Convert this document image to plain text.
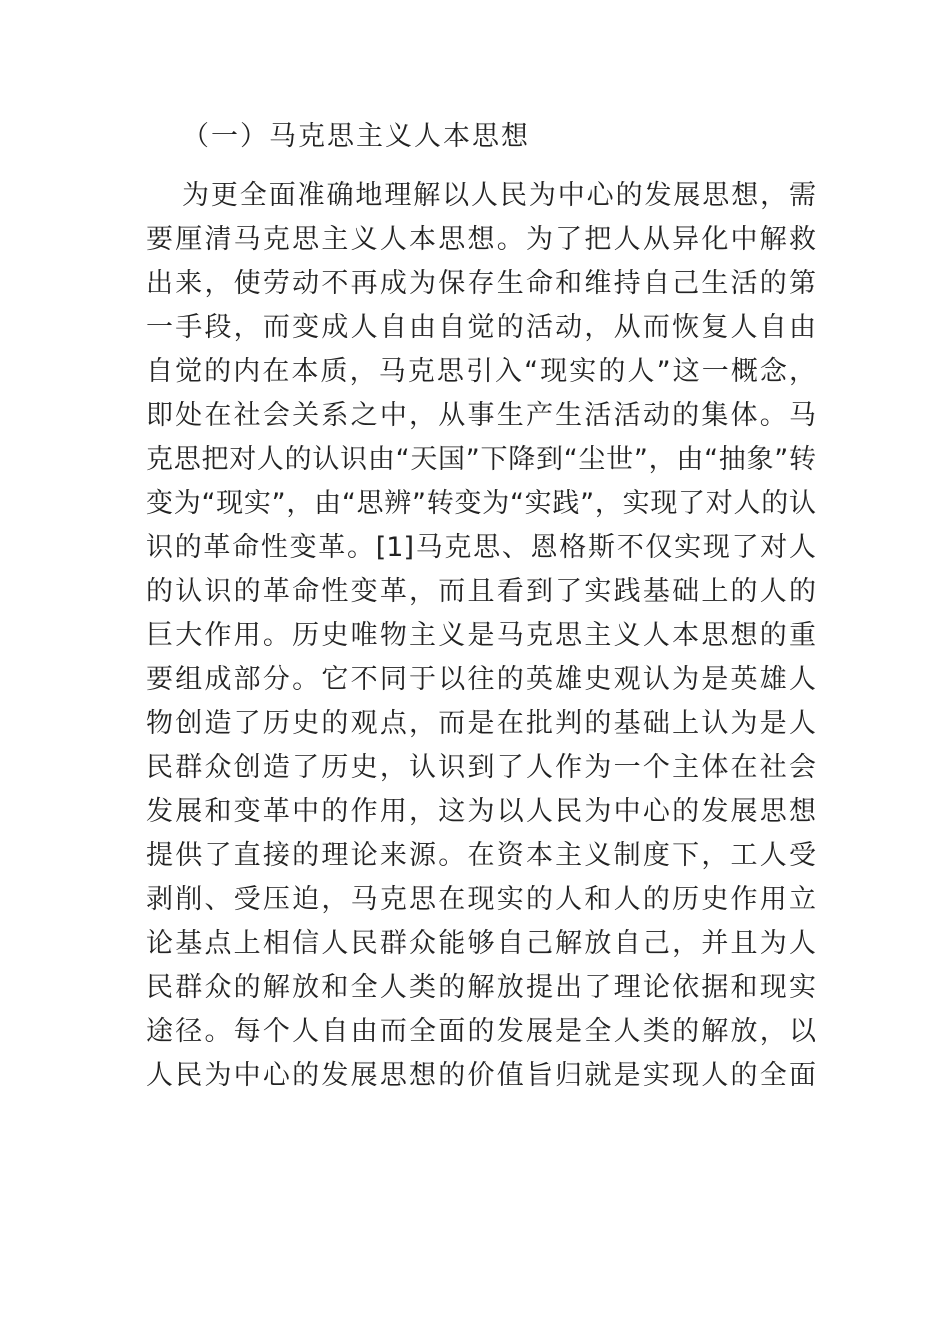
（一）马克思主义人本思想
为更全面准确地理解以人民为中心的发展思想，需
要厘清马克思主义人本思想。为了把人从异化中解救
出来，使劳动不再成为保存生命和维持自己生活的第
一手段，而变成人自由自觉的活动，从而恢复人自由
自觉的内在本质，马克思引入“现实的人”这一概念，
即处在社会关系之中，从事生产生活活动的集体。马
克思把对人的认识由“天国”下降到“尘世”，由“抽象”转
变为“现实”，由“思辨”转变为“实践”，实现了对人的认
识的革命性变革。[1]马克思、恩格斯不仅实现了对人
的认识的革命性变革，而且看到了实践基础上的人的
巨大作用。历史唯物主义是马克思主义人本思想的重
要组成部分。它不同于以往的英雄史观认为是英雄人
物创造了历史的观点，而是在批判的基础上认为是人
民群众创造了历史，认识到了人作为一个主体在社会
发展和变革中的作用，这为以人民为中心的发展思想
提供了直接的理论来源。在资本主义制度下，工人受
剥削、受压迫，马克思在现实的人和人的历史作用立
论基点上相信人民群众能够自己解放自己，并且为人
民群众的解放和全人类的解放提出了理论依据和现实
途径。每个人自由而全面的发展是全人类的解放，以
人民为中心的发展思想的价值旨归就是实现人的全面
